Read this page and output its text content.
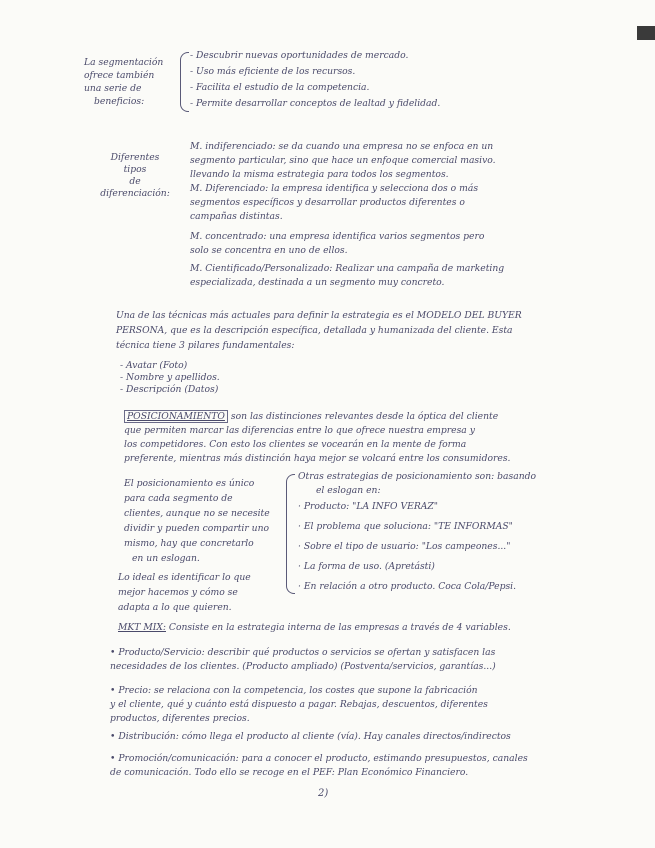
La segmentación
ofrece también
una serie de
beneficios:
- Descubrir nuevas oportunidades de mercado.
- Uso más eficiente de los recursos.
- Facilita el estudio de la competencia.
- Permite desarrollar conceptos de lealtad y fidelidad.
Diferentes
tipos
de
diferenciación:
M. indiferenciado: se da cuando una empresa no se enfoca en un
segmento particular, sino que hace un enfoque comercial masivo.
llevando la misma estrategia para todos los segmentos.
M. Diferenciado: la empresa identifica y selecciona dos o más
segmentos específicos y desarrollar productos diferentes o
campañas distintas.
M. concentrado: una empresa identifica varios segmentos pero
solo se concentra en uno de ellos.
M. Cientificado/Personalizado: Realizar una campaña de marketing
especializada, destinada a un segmento muy concreto.
Una de las técnicas más actuales para definir la estrategia es el MODELO DEL BUYER
PERSONA, que es la descripción específica, detallada y humanizada del cliente. Esta
técnica tiene 3 pilares fundamentales:
- Avatar (Foto)
- Nombre y apellidos.
- Descripción (Datos)
POSICIONAMIENTO son las distinciones relevantes desde la óptica del cliente
que permiten marcar las diferencias entre lo que ofrece nuestra empresa y
los competidores. Con esto los clientes se vocearán en la mente de forma
preferente, mientras más distinción haya mejor se volcará entre los consumidores.
El posicionamiento es único
para cada segmento de
clientes, aunque no se necesite
dividir y pueden compartir uno
mismo, hay que concretarlo
en un eslogan.
Lo ideal es identificar lo que
mejor hacemos y cómo se
adapta a lo que quieren.
Otras estrategias de posicionamiento son: basando
el eslogan en:
· Producto: "LA INFO VERAZ"
· El problema que soluciona: "TE INFORMAS"
· Sobre el tipo de usuario: "Los campeones..."
· La forma de uso. (Apretásti)
· En relación a otro producto. Coca Cola/Pepsi.
MKT MIX: Consiste en la estrategia interna de las empresas a través de 4 variables.
• Producto/Servicio: describir qué productos o servicios se ofertan y satisfacen las
necesidades de los clientes. (Producto ampliado) (Postventa/servicios, garantías...)
• Precio: se relaciona con la competencia, los costes que supone la fabricación
y el cliente, qué y cuánto está dispuesto a pagar. Rebajas, descuentos, diferentes
productos, diferentes precios.
• Distribución: cómo llega el producto al cliente (vía). Hay canales directos/indirectos
• Promoción/comunicación: para a conocer el producto, estimando presupuestos, canales
de comunicación. Todo ello se recoge en el PEF: Plan Económico Financiero.
2)
